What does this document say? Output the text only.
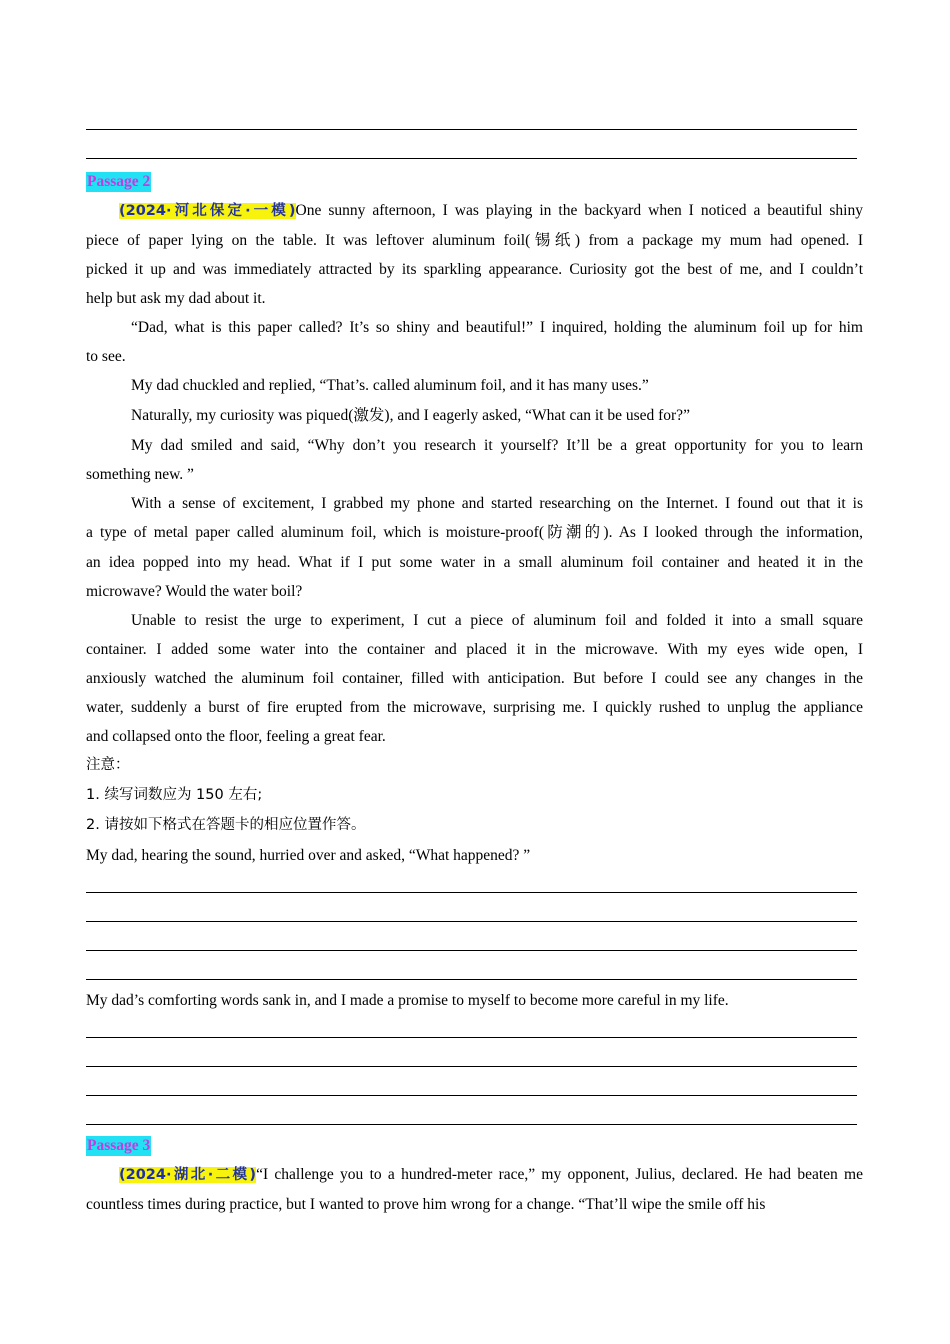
Passage 2
(2024·河北保定·一模)One sunny afternoon, I was playing in the backyard when I noticed a beautiful shiny
piece of paper lying on the table. It was leftover aluminum foil(锡纸) from a package my mum had opened. I
picked it up and was immediately attracted by its sparkling appearance. Curiosity got the best of me, and I couldn’t
help but ask my dad about it.
“Dad, what is this paper called? It’s so shiny and beautiful!” I inquired, holding the aluminum foil up for him
to see.
My dad chuckled and replied, “That’s. called aluminum foil, and it has many uses.”
Naturally, my curiosity was piqued(激发), and I eagerly asked, “What can it be used for?”
My dad smiled and said, “Why don’t you research it yourself? It’ll be a great opportunity for you to learn
something new. ”
With a sense of excitement, I grabbed my phone and started researching on the Internet. I found out that it is
a type of metal paper called aluminum foil, which is moisture-proof(防潮的). As I looked through the information,
an idea popped into my head. What if I put some water in a small aluminum foil container and heated it in the
microwave? Would the water boil?
Unable to resist the urge to experiment, I cut a piece of aluminum foil and folded it into a small square
container. I added some water into the container and placed it in the microwave. With my eyes wide open, I
anxiously watched the aluminum foil container, filled with anticipation. But before I could see any changes in the
water, suddenly a burst of fire erupted from the microwave, surprising me. I quickly rushed to unplug the appliance
and collapsed onto the floor, feeling a great fear.
注意：
1. 续写词数应为 150 左右;
2. 请按如下格式在答题卡的相应位置作答。
My dad, hearing the sound, hurried over and asked, “What happened? ”
My dad’s comforting words sank in, and I made a promise to myself to become more careful in my life.
Passage 3
(2024·湖北·二模)“I challenge you to a hundred-meter race,” my opponent, Julius, declared. He had beaten me
countless times during practice, but I wanted to prove him wrong for a change. “That’ll wipe the smile off his
